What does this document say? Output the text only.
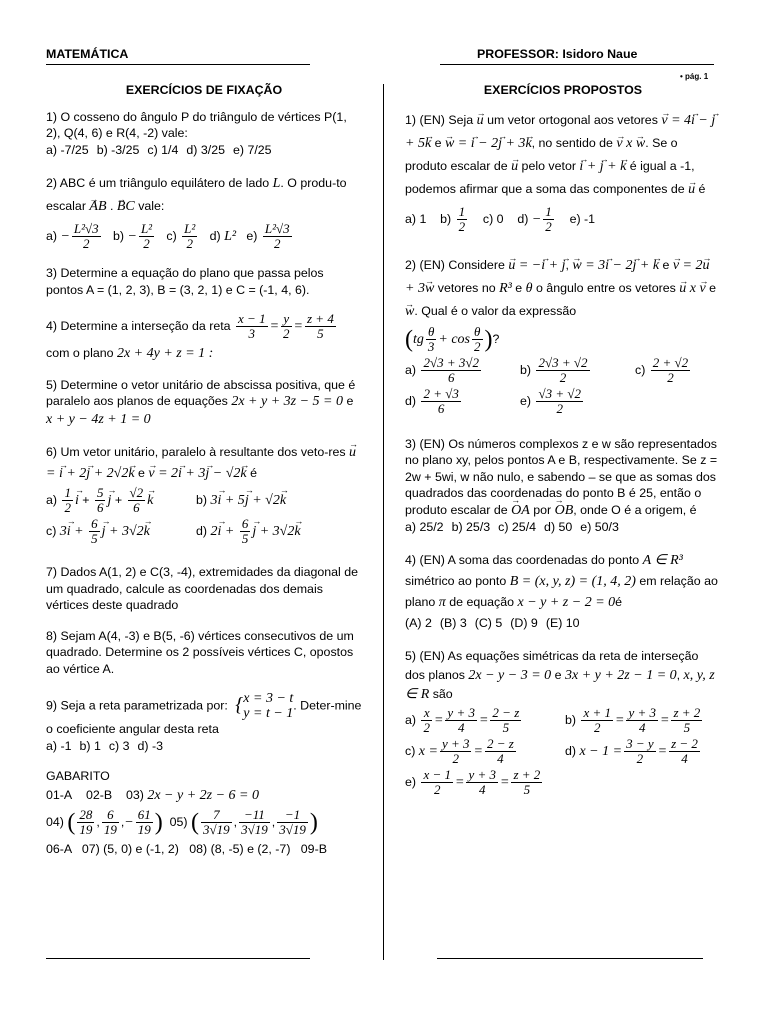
MATEMÁTICA	PROFESSOR: Isidoro Naue
• pág. 1
EXERCÍCIOS DE FIXAÇÃO
1) O cosseno do ângulo P do triângulo de vértices P(1, 2), Q(4, 6) e R(4, -2) vale:
a) -7/25 b) -3/25 c) 1/4 d) 3/25 e) 7/25
2) ABC é um triângulo equilátero de lado L. O produ-to escalar → AB . → BC vale:
$a) - \frac{\text{L²√3}}{2} b) - \frac{\text{L²}}{2} c) \frac{\text{L²}}{2} d$) L²   $e) \frac{\text{L²√3}}{2}$
3) Determine a equação do plano que passa pelos pontos A = (1, 2, 3), B = (3, 2, 1) e C = (-1, 4, 6).
4) Determine a interseção da reta $\frac{x - 1}{3} = \frac{y}{2} = \frac{z + 4}{5}$
com o plano 2x + 4y + z = 1 :
5) Determine o vetor unitário de abscissa positiva, que é paralelo aos planos de equações 2x + y + 3z − 5 = 0 e x + y − 4z + 1 = 0
6) Um vetor unitário, paralelo à resultante dos veto-res → u = → i + 2→ j + 2√2→ k e → v = 2→ i + 3→ j − √2→ k é
$a) \frac{1}{2}$
→ $i + \frac{5}{6}$
→ $j + \frac{√2}{6}$
→ k	b) 3→ i + 5→ j + √2→ k
c) $3\to i + \frac{6}{5}$
→ j + 3√2→ k	d) $2\to i + \frac{6}{5}$
→ j + 3√2→ k
7) Dados A(1, 2) e C(3, -4), extremidades da diagonal de um quadrado, calcule as coordenadas dos demais vértices deste quadrado
8) Sejam A(4, -3) e B(5, -6) vértices consecutivos de um quadrado. Determine os 2 possíveis vértices C, opostos ao vértice A.
9) Seja a reta parametrizada por: { x = 3 − t
y = t − 1
. Deter-mine o coeficiente angular desta reta
a) -1 b) 1 c) 3 d) -3
GABARITO
01-A 02-B 03) 2x − y + 2z − 6 = 0
04) ( $\frac{28}{19}$ , $\frac{6}{19}$ ,− $\frac{61}{19}$ ) 05) ( $\frac{7}{3√19}$ , $\frac{-11}{3√19}$ , $\frac{-1}{3√19}$ )
06-A   07) (5, 0) e (-1, 2)   08) (8, -5) e (2, -7)   09-B
EXERCÍCIOS PROPOSTOS
1) (EN) Seja → u um vetor ortogonal aos vetores → v = 4→ i − → j + 5→ k e → w = → i − 2→ j + 3→ k, no sentido de → v x → w. Se o produto escalar de → u pelo vetor → i + → j + → k é igual a -1, podemos afirmar que a soma das componentes de → u é
a) 1 $b) \frac{1}{2} c$) 0 $d) - \frac{1}{2} e$) -1
2) (EN) Considere → u = −→ i + → j, → w = 3→ i − 2→ j + → k e → v = 2→ u + 3→ w vetores no R³ e θ o ângulo entre os vetores → u x → v e → w. Qual é o valor da expressão
($tg \frac{\theta}{3} + \cos \frac{\theta}{2}$ )?
$a) \frac{2√3 + 3√2}{6}$	$b) \frac{2√3 + √2}{2}$	$c) \frac{2 + √2}{2}$
$d) \frac{2 + √3}{6}$	$e) \frac{√3 + √2}{2}$
3) (EN) Os números complexos z e w são representados no plano xy, pelos pontos A e B, respectivamente. Se z = 2w + 5wi, w não nulo, e sabendo – se que as somas dos quadrados das coordenadas do ponto B é 25, então o produto escalar de → OA por → OB, onde O é a origem, é
a) 25/2 b) 25/3 c) 25/4 d) 50 e) 50/3
4) (EN) A soma das coordenadas do ponto A ∈ R³ simétrico ao ponto B = (x, y, z) = (1, 4, 2) em relação ao plano π de equação x − y + z − 2 = 0é
(A) 2 (B) 3 (C) 5 (D) 9 (E) 10
5) (EN) As equações simétricas da reta de interseção dos planos 2x − y − 3 = 0 e 3x + y + 2z − 1 = 0, x, y, z ∈ R são
$a) \frac{x}{2} = \frac{y + 3}{4} = \frac{2 - z}{5}$	$b) \frac{x + 1}{2} = \frac{y + 3}{4} = \frac{z + 2}{5}$
c) $x = \frac{y + 3}{2} = \frac{2 - z}{4}$	d) $x - 1 = \frac{3 - y}{2} = \frac{z - 2}{4}$
$e) \frac{x - 1}{2} = \frac{y + 3}{4} = \frac{z + 2}{5}$
